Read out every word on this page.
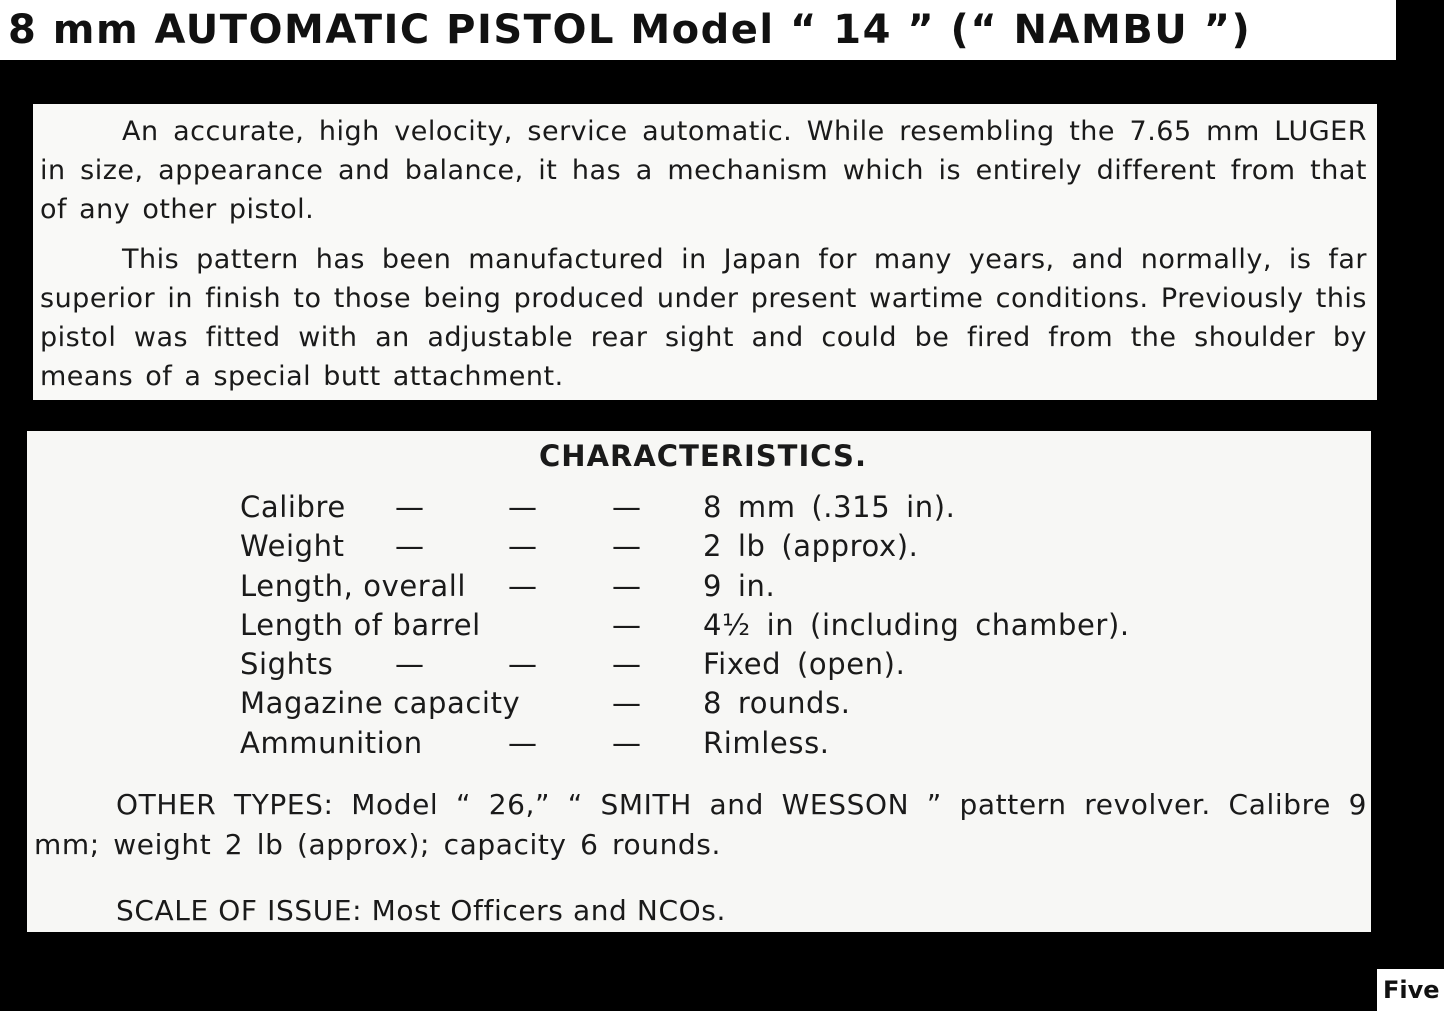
8 mm AUTOMATIC PISTOL Model “ 14 ” (“ NAMBU ”)

An accurate, high velocity, service automatic. While resembling the 7.65 mm LUGER in size, appearance and balance, it has a mechanism which is entirely different from that of any other pistol.

This pattern has been manufactured in Japan for many years, and normally, is far superior in finish to those being produced under present wartime conditions. Previously this pistol was fitted with an adjustable rear sight and could be fired from the shoulder by means of a special butt attachment.

CHARACTERISTICS.
Calibre —	—	— 8 mm (.315 in).
Weight —	—	— 2 lb (approx).
Length, overall —	— 9 in.
Length of barrel	— 4½ in (including chamber).
Sights —	—	— Fixed (open).
Magazine capacity	— 8 rounds.
Ammunition	—	— Rimless.

OTHER TYPES: Model “ 26,” “ SMITH and WESSON ” pattern revolver. Calibre 9 mm; weight 2 lb (approx); capacity 6 rounds.

SCALE OF ISSUE: Most Officers and NCOs.
Five
